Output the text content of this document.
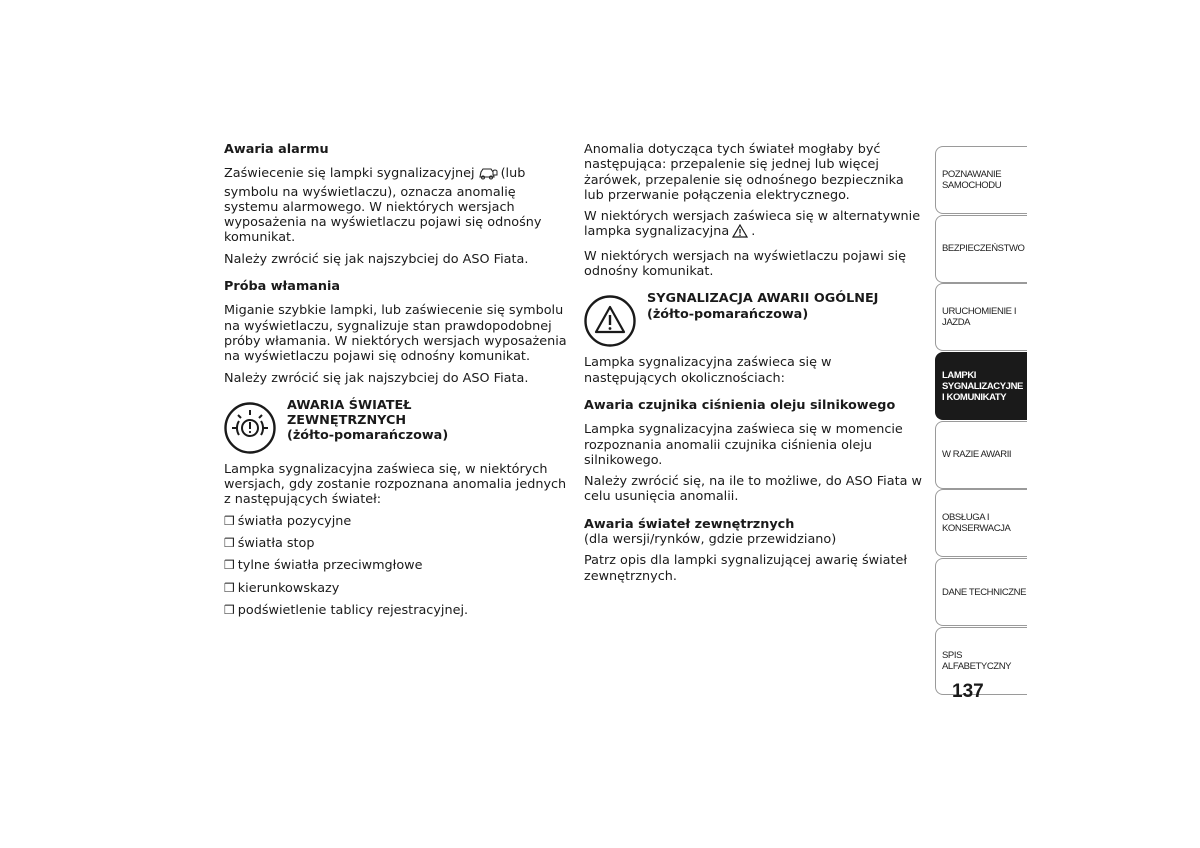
Awaria alarmu

Zaświecenie się lampki sygnalizacyjnej (lub symbolu na wyświetlaczu), oznacza anomalię systemu alarmowego. W niektórych wersjach wyposażenia na wyświetlaczu pojawi się odnośny komunikat.

Należy zwrócić się jak najszybciej do ASO Fiata.

Próba włamania

Miganie szybkie lampki, lub zaświecenie się symbolu na wyświetlaczu, sygnalizuje stan prawdopodobnej próby włamania. W niektórych wersjach wyposażenia na wyświetlaczu pojawi się odnośny komunikat.

Należy zwrócić się jak najszybciej do ASO Fiata.

AWARIA ŚWIATEŁ
ZEWNĘTRZNYCH
(żółto-pomarańczowa)

Lampka sygnalizacyjna zaświeca się, w niektórych wersjach, gdy zostanie rozpoznana anomalia jednych z następujących świateł:

❒ światła pozycyjne

❒ światła stop

❒ tylne światła przeciwmgłowe

❒ kierunkowskazy

❒ podświetlenie tablicy rejestracyjnej.

Anomalia dotycząca tych świateł mogłaby być następująca: przepalenie się jednej lub więcej żarówek, przepalenie się odnośnego bezpiecznika lub przerwanie połączenia elektrycznego.

W niektórych wersjach zaświeca się w alternatywnie lampka sygnalizacyjna .

W niektórych wersjach na wyświetlaczu pojawi się odnośny komunikat.

SYGNALIZACJA AWARII OGÓLNEJ
(żółto-pomarańczowa)

Lampka sygnalizacyjna zaświeca się w następujących okolicznościach:

Awaria czujnika ciśnienia oleju silnikowego

Lampka sygnalizacyjna zaświeca się w momencie rozpoznania anomalii czujnika ciśnienia oleju silnikowego.

Należy zwrócić się, na ile to możliwe, do ASO Fiata w celu usunięcia anomalii.

Awaria świateł zewnętrznych

(dla wersji/rynków, gdzie przewidziano)

Patrz opis dla lampki sygnalizującej awarię świateł zewnętrznych.

POZNAWANIE
SAMOCHODU
BEZPIECZEŃSTWO
URUCHOMIENIE I
JAZDA
LAMPKI
SYGNALIZACYJNE
I KOMUNIKATY
W RAZIE AWARII
OBSŁUGA I
KONSERWACJA
DANE TECHNICZNE
SPIS ALFABETYCZNY
137
